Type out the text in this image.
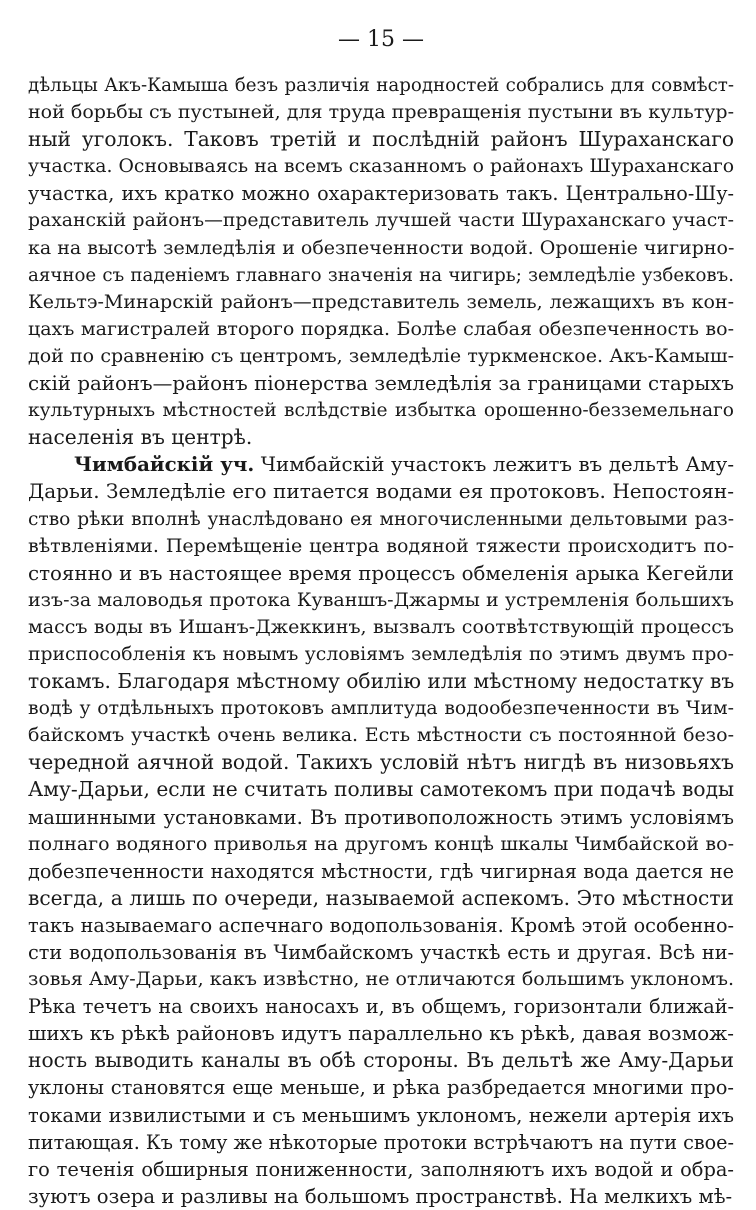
— 15 —
дѣльцы Акъ-Камыша безъ различія народностей собрались для совмѣст-
ной борьбы съ пустыней, для труда превращенія пустыни въ культур-
ный уголокъ. Таковъ третій и послѣдній районъ Шураханскаго
участка. Основываясь на всемъ сказанномъ о районахъ Шураханскаго
участка, ихъ кратко можно охарактеризовать такъ. Центрально-Шу-
раханскій районъ—представитель лучшей части Шураханскаго участ-
ка на высотѣ земледѣлія и обезпеченности водой. Орошеніе чигирно-
аячное съ паденіемъ главнаго значенія на чигирь; земледѣліе узбековъ.
Кельтэ-Минарскій районъ—представитель земель, лежащихъ въ кон-
цахъ магистралей второго порядка. Болѣе слабая обезпеченность во-
дой по сравненію съ центромъ, земледѣліе туркменское. Акъ-Камыш-
скій районъ—районъ піонерства земледѣлія за границами старыхъ
культурныхъ мѣстностей вслѣдствіе избытка орошенно-безземельнаго
населенія въ центрѣ.
Чимбайскій уч. Чимбайскій участокъ лежитъ въ дельтѣ Аму-
Дарьи. Земледѣліе его питается водами ея протоковъ. Непостоян-
ство рѣки вполнѣ унаслѣдовано ея многочисленными дельтовыми раз-
вѣтвленіями. Перемѣщеніе центра водяной тяжести происходитъ по-
стоянно и въ настоящее время процессъ обмеленія арыка Кегейли
изъ-за маловодья протока Куваншъ-Джармы и устремленія большихъ
массъ воды въ Ишанъ-Джеккинъ, вызвалъ соотвѣтствующій процессъ
приспособленія къ новымъ условіямъ земледѣлія по этимъ двумъ про-
токамъ. Благодаря мѣстному обилію или мѣстному недостатку въ
водѣ у отдѣльныхъ протоковъ амплитуда водообезпеченности въ Чим-
байскомъ участкѣ очень велика. Есть мѣстности съ постоянной безо-
чередной аячной водой. Такихъ условій нѣтъ нигдѣ въ низовьяхъ
Аму-Дарьи, если не считать поливы самотекомъ при подачѣ воды
машинными установками. Въ противоположность этимъ условіямъ
полнаго водяного приволья на другомъ концѣ шкалы Чимбайской во-
добезпеченности находятся мѣстности, гдѣ чигирная вода дается не
всегда, а лишь по очереди, называемой аспекомъ. Это мѣстности
такъ называемаго аспечнаго водопользованія. Кромѣ этой особенно-
сти водопользованія въ Чимбайскомъ участкѣ есть и другая. Всѣ ни-
зовья Аму-Дарьи, какъ извѣстно, не отличаются большимъ уклономъ.
Рѣка течетъ на своихъ наносахъ и, въ общемъ, горизонтали ближай-
шихъ къ рѣкѣ районовъ идутъ параллельно къ рѣкѣ, давая возмож-
ность выводить каналы въ обѣ стороны. Въ дельтѣ же Аму-Дарьи
уклоны становятся еще меньше, и рѣка разбредается многими про-
токами извилистыми и съ меньшимъ уклономъ, нежели артерія ихъ
питающая. Къ тому же нѣкоторые протоки встрѣчаютъ на пути свое-
го теченія обширныя пониженности, заполняютъ ихъ водой и обра-
зуютъ озера и разливы на большомъ пространствѣ. На мелкихъ мѣ-
